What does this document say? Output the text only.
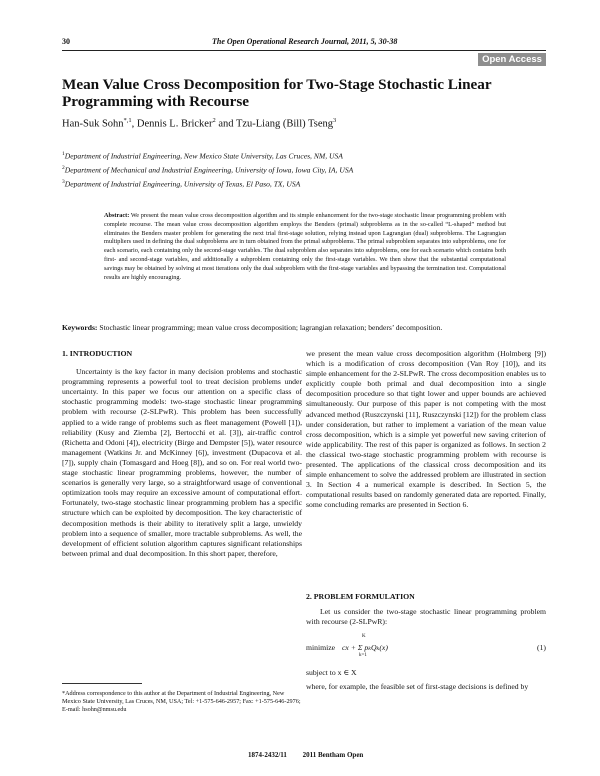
30	The Open Operational Research Journal, 2011, 5, 30-38
Open Access
Mean Value Cross Decomposition for Two-Stage Stochastic Linear Programming with Recourse
Han-Suk Sohn$^{*,1}$, Dennis L. Bricker$^2$ and Tzu-Liang (Bill) Tseng$^3$
$^1$Department of Industrial Engineering, New Mexico State University, Las Cruces, NM, USA
$^2$Department of Mechanical and Industrial Engineering, University of Iowa, Iowa City, IA, USA
$^3$Department of Industrial Engineering, University of Texas, El Paso, TX, USA

Abstract: We present the mean value cross decomposition algorithm and its simple enhancement for the two-stage stochastic linear programming problem with complete recourse. The mean value cross decomposition algorithm employs the Benders (primal) subproblems as in the so-called “L-shaped” method but eliminates the Benders master problem for generating the next trial first-stage solution, relying instead upon Lagrangian (dual) subproblems. The Lagrangian multipliers used in defining the dual subproblems are in turn obtained from the primal subproblems. The primal subproblem separates into subproblems, one for each scenario, each containing only the second-stage variables. The dual subproblem also separates into subproblems, one for each scenario which contains both first- and second-stage variables, and additionally a subproblem containing only the first-stage variables. We then show that the substantial computational savings may be obtained by solving at most iterations only the dual subproblem with the first-stage variables and bypassing the termination test. Computational results are highly encouraging.

Keywords: Stochastic linear programming; mean value cross decomposition; lagrangian relaxation; benders’ decomposition.

1. INTRODUCTION

Uncertainty is the key factor in many decision problems and stochastic programming represents a powerful tool to treat decision problems under uncertainty. In this paper we focus our attention on a specific class of stochastic programming models: two-stage stochastic linear programming problem with recourse (2-SLPwR). This problem has been successfully applied to a wide range of problems such as fleet management (Powell [1]), reliability (Kusy and Ziemba [2], Bertocchi et al. [3]), air-traffic control (Richetta and Odoni [4]), electricity (Birge and Dempster [5]), water resource management (Watkins Jr. and McKinney [6]), investment (Dupacova et al. [7]), supply chain (Tomasgard and Hoeg [8]), and so on. For real world two-stage stochastic linear programming problems, however, the number of scenarios is generally very large, so a straightforward usage of conventional optimization tools may require an excessive amount of computational effort. Fortunately, two-stage stochastic linear programming problem has a specific structure which can be exploited by decomposition. The key characteristic of decomposition methods is their ability to iteratively split a large, unwieldy problem into a sequence of smaller, more tractable subproblems. As well, the development of efficient solution algorithm captures significant relationships between primal and dual decomposition. In this short paper, therefore,

we present the mean value cross decomposition algorithm (Holmberg [9]) which is a modification of cross decomposition (Van Roy [10]), and its simple enhancement for the 2-SLPwR. The cross decomposition enables us to explicitly couple both primal and dual decomposition into a single decomposition procedure so that tight lower and upper bounds are achieved simultaneously. Our purpose of this paper is not competing with the most advanced method (Ruszczynski [11], Ruszczynski [12]) for the problem class under consideration, but rather to implement a variation of the mean value cross decomposition, which is a simple yet powerful new saving criterion of wide applicability. The rest of this paper is organized as follows. In section 2 the classical two-stage stochastic programming problem with recourse is presented. The applications of the classical cross decomposition and its simple enhancement to solve the addressed problem are illustrated in section 3. In Section 4 a numerical example is described. In Section 5, the computational results based on randomly generated data are reported. Finally, some concluding remarks are presented in Section 6.

2. PROBLEM FORMULATION

Let us consider the two-stage stochastic linear programming problem with recourse (2-SLPwR):

minimize cx + Σ pₖQₖ(x)
K
k=1
(1)

subject to x ∈ X

where, for example, the feasible set of first-stage decisions is defined by

*Address correspondence to this author at the Department of Industrial Engineering, New Mexico State University, Las Cruces, NM, USA; Tel: +1-575-646-2957; Fax: +1-575-646-2976; E-mail: hsohn@nmsu.edu

1874-2432/11 2011 Bentham Open
